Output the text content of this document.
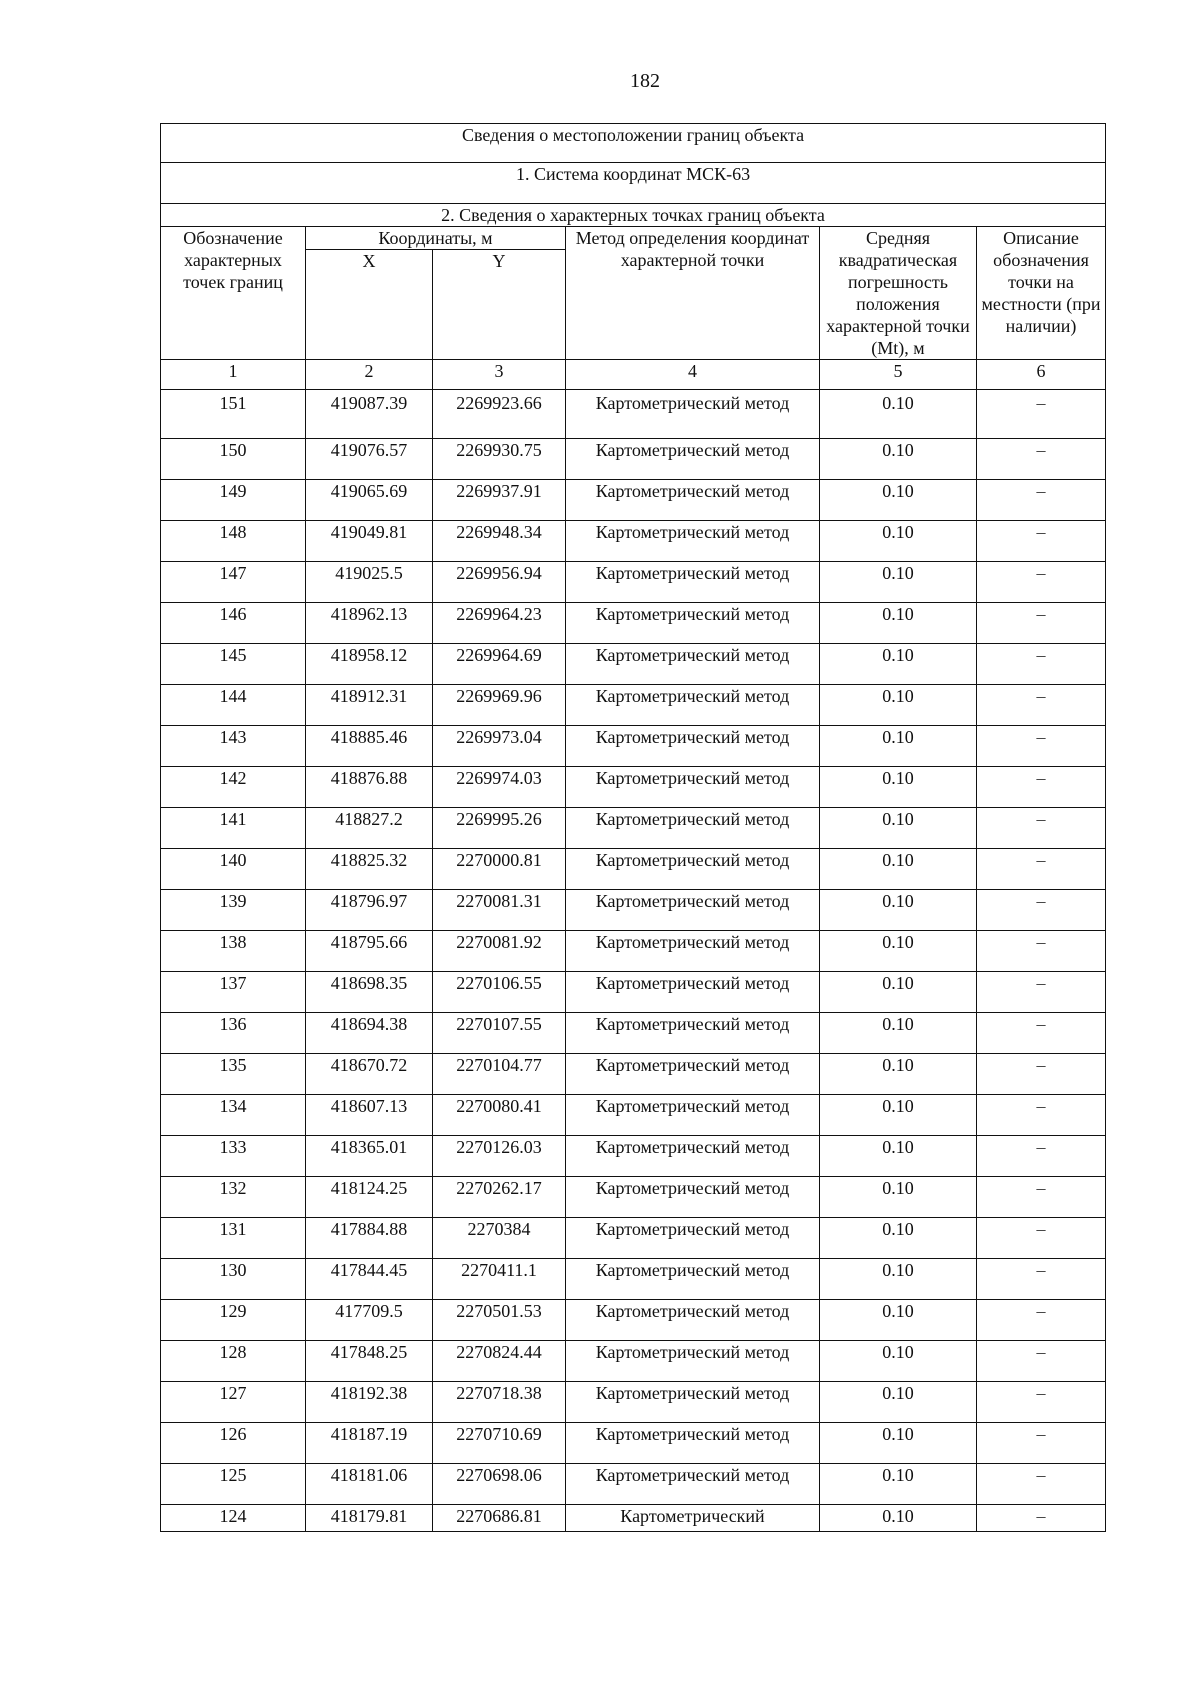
182
Сведения о местоположении границ объекта					
1. Система координат МСК-63					
2. Сведения о характерных точках границ объекта					
Обозначение характерных точек границ	Координаты, м		Метод определения координат характерной точки	Средняя квадратическая погрешность положения характерной точки (Mt), м	Описание обозначения точки на местности (при наличии)
	X	Y			
1	2	3	4	5	6
151	419087.39	2269923.66	Картометрический метод	0.10	–
150	419076.57	2269930.75	Картометрический метод	0.10	–
149	419065.69	2269937.91	Картометрический метод	0.10	–
148	419049.81	2269948.34	Картометрический метод	0.10	–
147	419025.5	2269956.94	Картометрический метод	0.10	–
146	418962.13	2269964.23	Картометрический метод	0.10	–
145	418958.12	2269964.69	Картометрический метод	0.10	–
144	418912.31	2269969.96	Картометрический метод	0.10	–
143	418885.46	2269973.04	Картометрический метод	0.10	–
142	418876.88	2269974.03	Картометрический метод	0.10	–
141	418827.2	2269995.26	Картометрический метод	0.10	–
140	418825.32	2270000.81	Картометрический метод	0.10	–
139	418796.97	2270081.31	Картометрический метод	0.10	–
138	418795.66	2270081.92	Картометрический метод	0.10	–
137	418698.35	2270106.55	Картометрический метод	0.10	–
136	418694.38	2270107.55	Картометрический метод	0.10	–
135	418670.72	2270104.77	Картометрический метод	0.10	–
134	418607.13	2270080.41	Картометрический метод	0.10	–
133	418365.01	2270126.03	Картометрический метод	0.10	–
132	418124.25	2270262.17	Картометрический метод	0.10	–
131	417884.88	2270384	Картометрический метод	0.10	–
130	417844.45	2270411.1	Картометрический метод	0.10	–
129	417709.5	2270501.53	Картометрический метод	0.10	–
128	417848.25	2270824.44	Картометрический метод	0.10	–
127	418192.38	2270718.38	Картометрический метод	0.10	–
126	418187.19	2270710.69	Картометрический метод	0.10	–
125	418181.06	2270698.06	Картометрический метод	0.10	–
124	418179.81	2270686.81	Картометрический	0.10	–
